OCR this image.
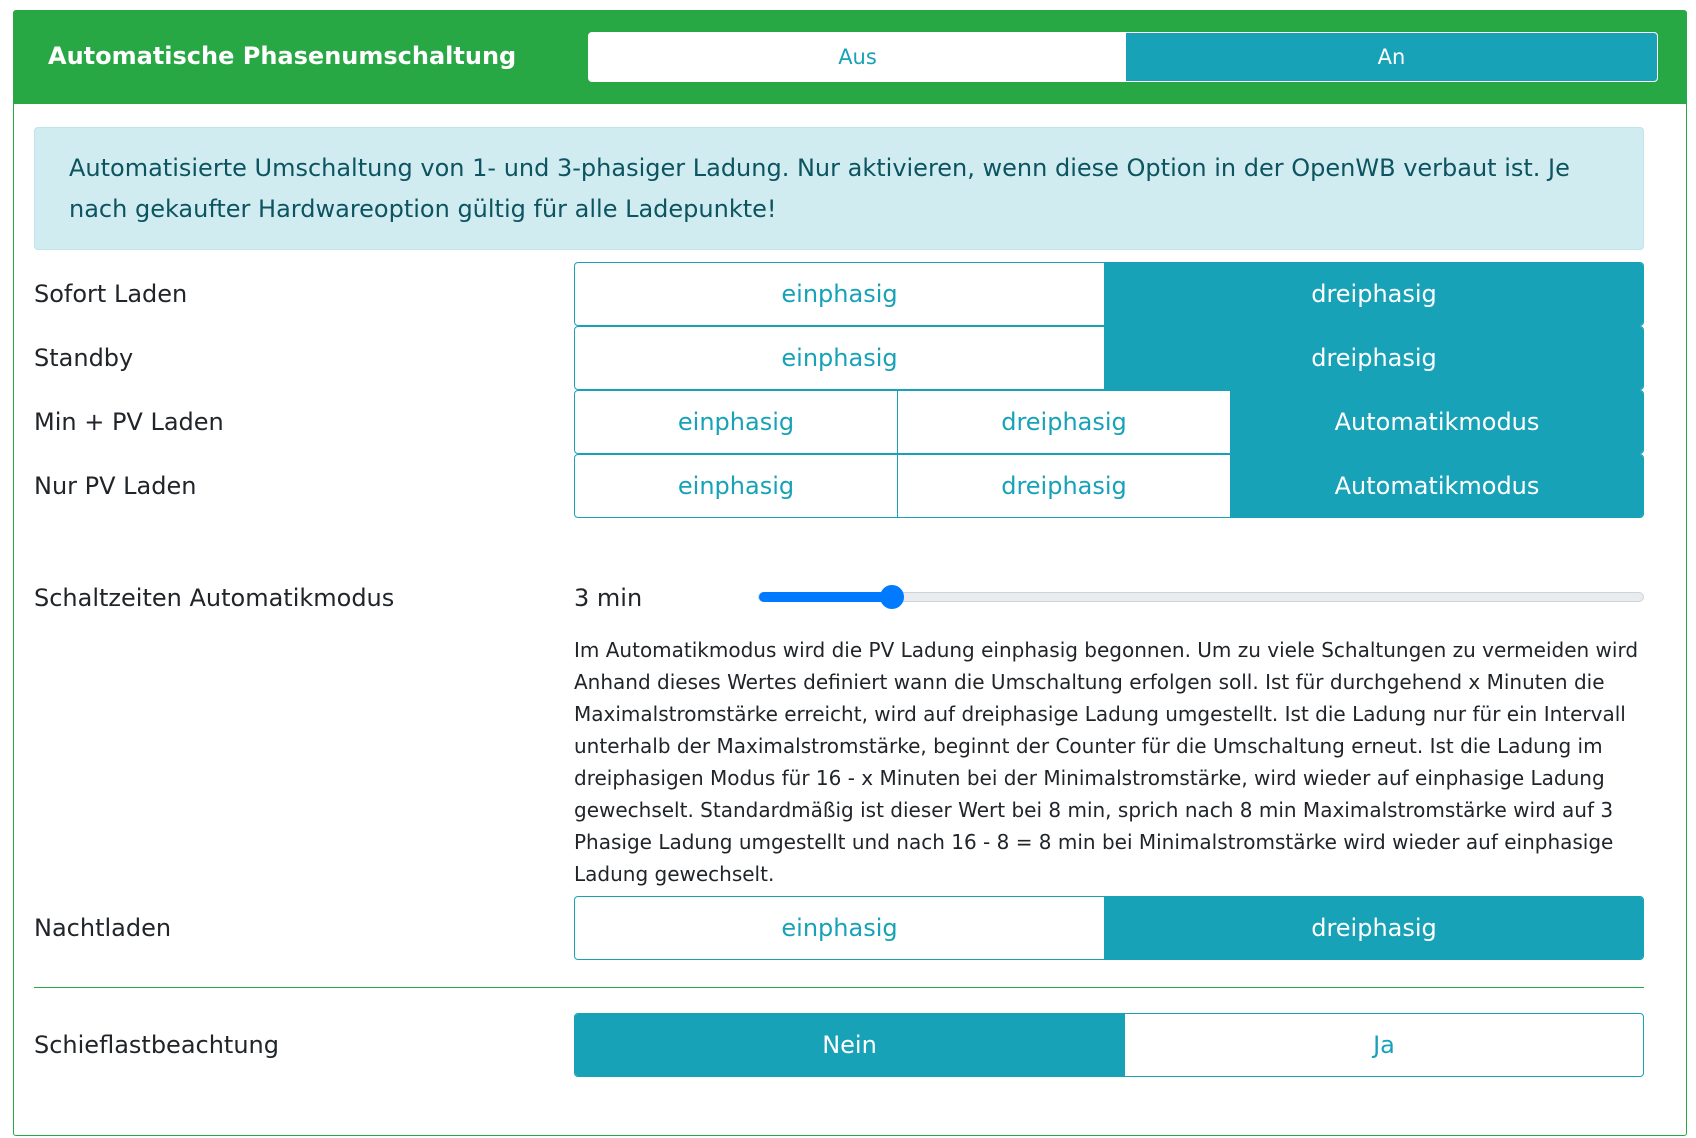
Automatische Phasenumschaltung	Aus	An
Automatisierte Umschaltung von 1- und 3-phasiger Ladung. Nur aktivieren, wenn diese Option in der OpenWB verbaut ist. Je nach gekaufter Hardwareoption gültig für alle Ladepunkte!
Sofort Laden	einphasig	dreiphasig
Standby	einphasig	dreiphasig
Min + PV Laden	einphasig	dreiphasig	Automatikmodus
Nur PV Laden	einphasig	dreiphasig	Automatikmodus
Schaltzeiten Automatikmodus	3 min
Im Automatikmodus wird die PV Ladung einphasig begonnen. Um zu viele Schaltungen zu vermeiden wird Anhand dieses Wertes definiert wann die Umschaltung erfolgen soll. Ist für durchgehend x Minuten die Maximalstromstärke erreicht, wird auf dreiphasige Ladung umgestellt. Ist die Ladung nur für ein Intervall unterhalb der Maximalstromstärke, beginnt der Counter für die Umschaltung erneut. Ist die Ladung im dreiphasigen Modus für 16 - x Minuten bei der Minimalstromstärke, wird wieder auf einphasige Ladung gewechselt. Standardmäßig ist dieser Wert bei 8 min, sprich nach 8 min Maximalstromstärke wird auf 3 Phasige Ladung umgestellt und nach 16 - 8 = 8 min bei Minimalstromstärke wird wieder auf einphasige Ladung gewechselt.
Nachtladen	einphasig	dreiphasig
Schieflastbeachtung	Nein	Ja
